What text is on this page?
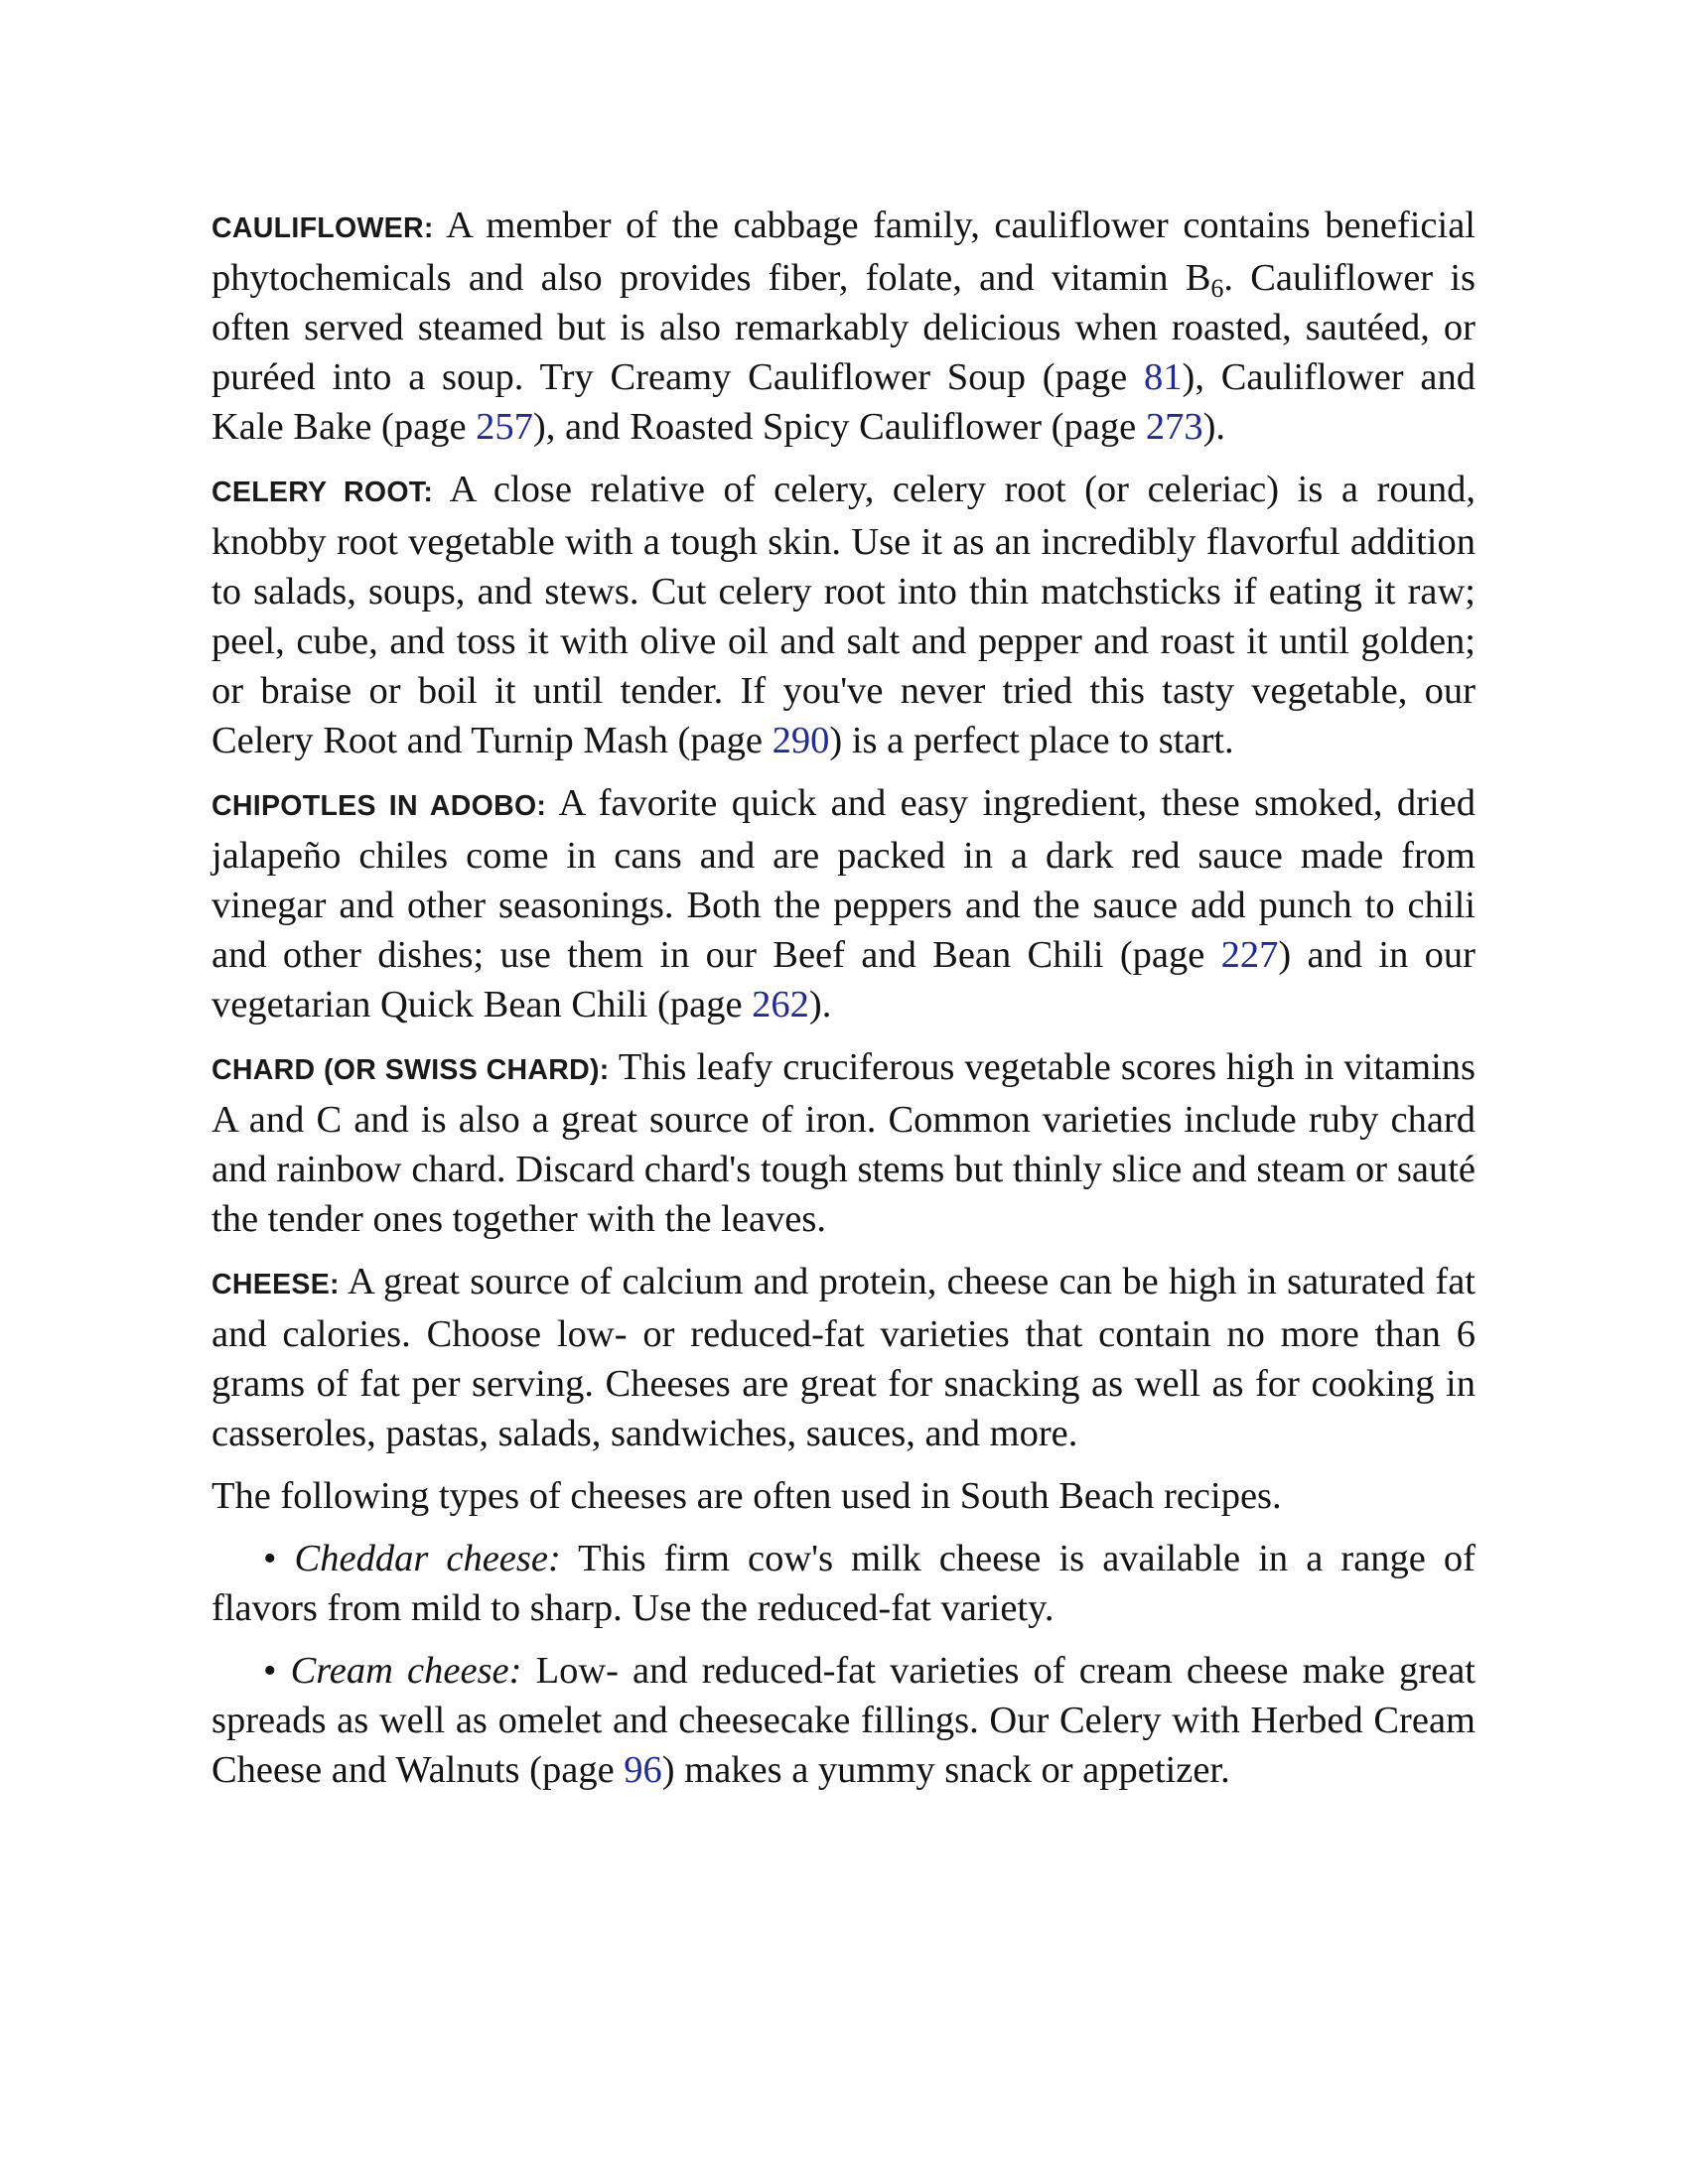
CAULIFLOWER: A member of the cabbage family, cauliflower contains beneficial phytochemicals and also provides fiber, folate, and vitamin $B_6$. Cauliflower is often served steamed but is also remarkably delicious when roasted, sautéed, or puréed into a soup. Try Creamy Cauliflower Soup (page 81), Cauliflower and Kale Bake (page 257), and Roasted Spicy Cauliflower (page 273).

CELERY ROOT: A close relative of celery, celery root (or celeriac) is a round, knobby root vegetable with a tough skin. Use it as an incredibly flavorful addition to salads, soups, and stews. Cut celery root into thin matchsticks if eating it raw; peel, cube, and toss it with olive oil and salt and pepper and roast it until golden; or braise or boil it until tender. If you've never tried this tasty vegetable, our Celery Root and Turnip Mash (page 290) is a perfect place to start.

CHIPOTLES IN ADOBO: A favorite quick and easy ingredient, these smoked, dried jalapeño chiles come in cans and are packed in a dark red sauce made from vinegar and other seasonings. Both the peppers and the sauce add punch to chili and other dishes; use them in our Beef and Bean Chili (page 227) and in our vegetarian Quick Bean Chili (page 262).

CHARD (OR SWISS CHARD): This leafy cruciferous vegetable scores high in vitamins A and C and is also a great source of iron. Common varieties include ruby chard and rainbow chard. Discard chard's tough stems but thinly slice and steam or sauté the tender ones together with the leaves.

CHEESE: A great source of calcium and protein, cheese can be high in saturated fat and calories. Choose low- or reduced-fat varieties that contain no more than 6 grams of fat per serving. Cheeses are great for snacking as well as for cooking in casseroles, pastas, salads, sandwiches, sauces, and more.

The following types of cheeses are often used in South Beach recipes.

• Cheddar cheese: This firm cow's milk cheese is available in a range of flavors from mild to sharp. Use the reduced-fat variety.

• Cream cheese: Low- and reduced-fat varieties of cream cheese make great spreads as well as omelet and cheesecake fillings. Our Celery with Herbed Cream Cheese and Walnuts (page 96) makes a yummy snack or appetizer.
